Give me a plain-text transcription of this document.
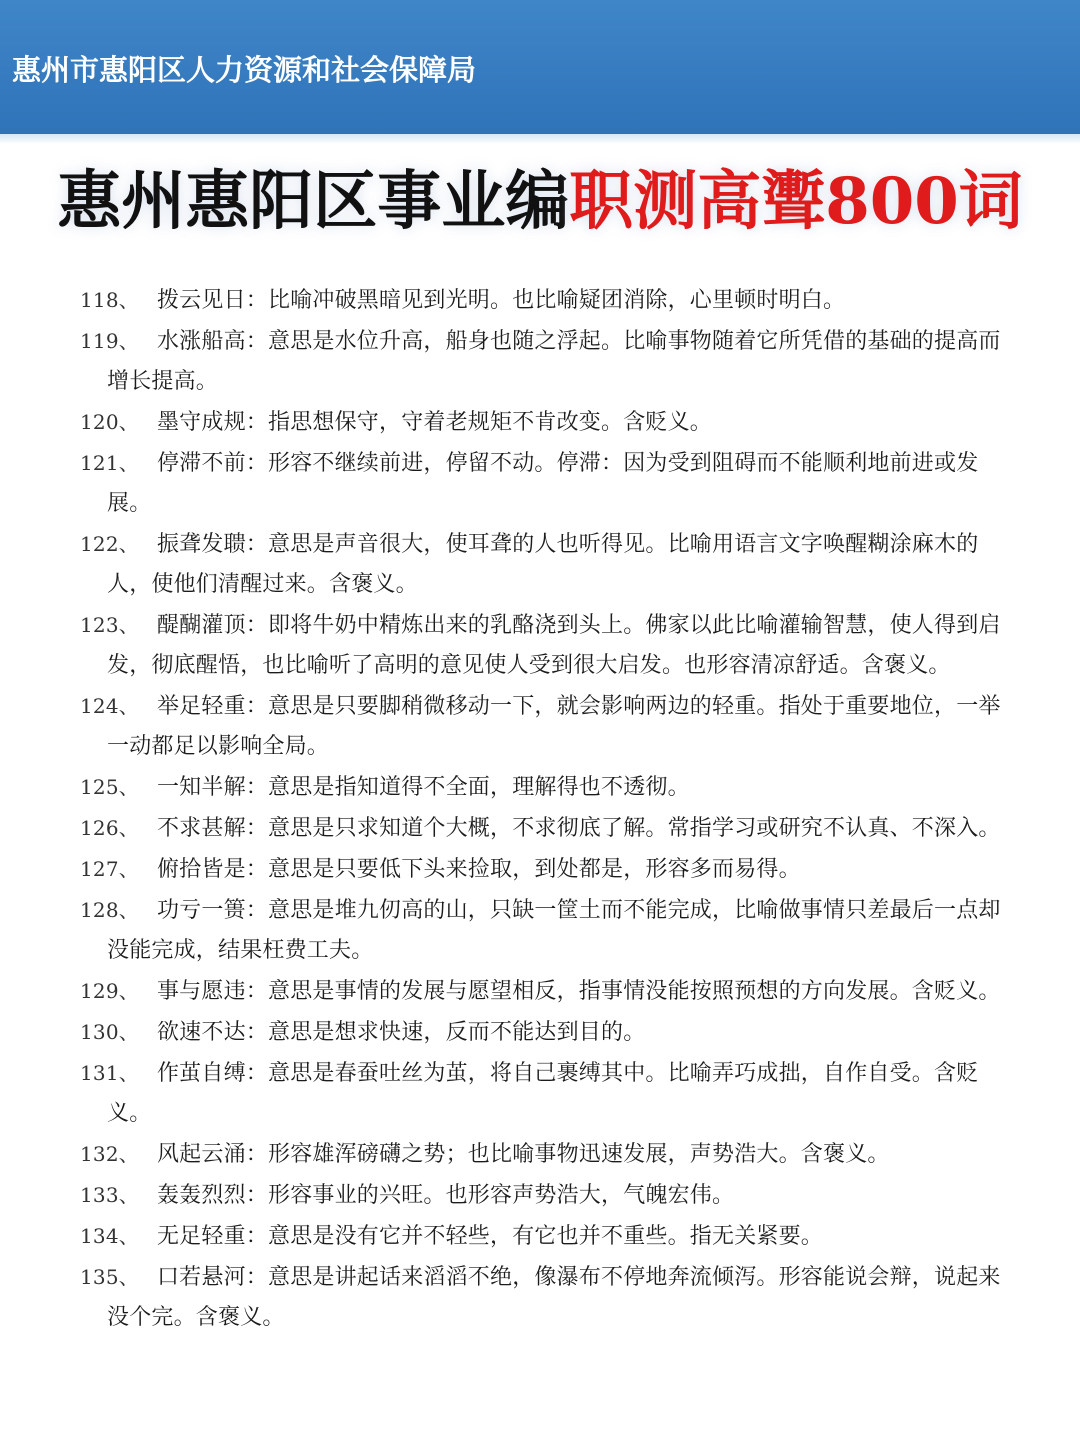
惠州市惠阳区人力资源和社会保障局
惠州惠阳区事业编职测高聻800词
118、 拨云见日：比喻冲破黑暗见到光明。也比喻疑团消除，心里顿时明白。
119、 水涨船高：意思是水位升高，船身也随之浮起。比喻事物随着它所凭借的基础的提高而增长提高。
120、 墨守成规：指思想保守，守着老规矩不肯改变。含贬义。
121、 停滞不前：形容不继续前进，停留不动。停滞：因为受到阻碍而不能顺利地前进或发展。
122、 振聋发聩：意思是声音很大，使耳聋的人也听得见。比喻用语言文字唤醒糊涂麻木的人，使他们清醒过来。含褒义。
123、 醍醐灌顶：即将牛奶中精炼出来的乳酪浇到头上。佛家以此比喻灌输智慧，使人得到启发，彻底醒悟，也比喻听了高明的意见使人受到很大启发。也形容清凉舒适。含褒义。
124、 举足轻重：意思是只要脚稍微移动一下，就会影响两边的轻重。指处于重要地位，一举一动都足以影响全局。
125、 一知半解：意思是指知道得不全面，理解得也不透彻。
126、 不求甚解：意思是只求知道个大概，不求彻底了解。常指学习或研究不认真、不深入。
127、 俯拾皆是：意思是只要低下头来捡取，到处都是，形容多而易得。
128、 功亏一篑：意思是堆九仞高的山，只缺一筐土而不能完成，比喻做事情只差最后一点却没能完成，结果枉费工夫。
129、 事与愿违：意思是事情的发展与愿望相反，指事情没能按照预想的方向发展。含贬义。
130、 欲速不达：意思是想求快速，反而不能达到目的。
131、 作茧自缚：意思是春蚕吐丝为茧，将自己裹缚其中。比喻弄巧成拙，自作自受。含贬义。
132、 风起云涌：形容雄浑磅礴之势；也比喻事物迅速发展，声势浩大。含褒义。
133、 轰轰烈烈：形容事业的兴旺。也形容声势浩大，气魄宏伟。
134、 无足轻重：意思是没有它并不轻些，有它也并不重些。指无关紧要。
135、 口若悬河：意思是讲起话来滔滔不绝，像瀑布不停地奔流倾泻。形容能说会辩，说起来没个完。含褒义。
